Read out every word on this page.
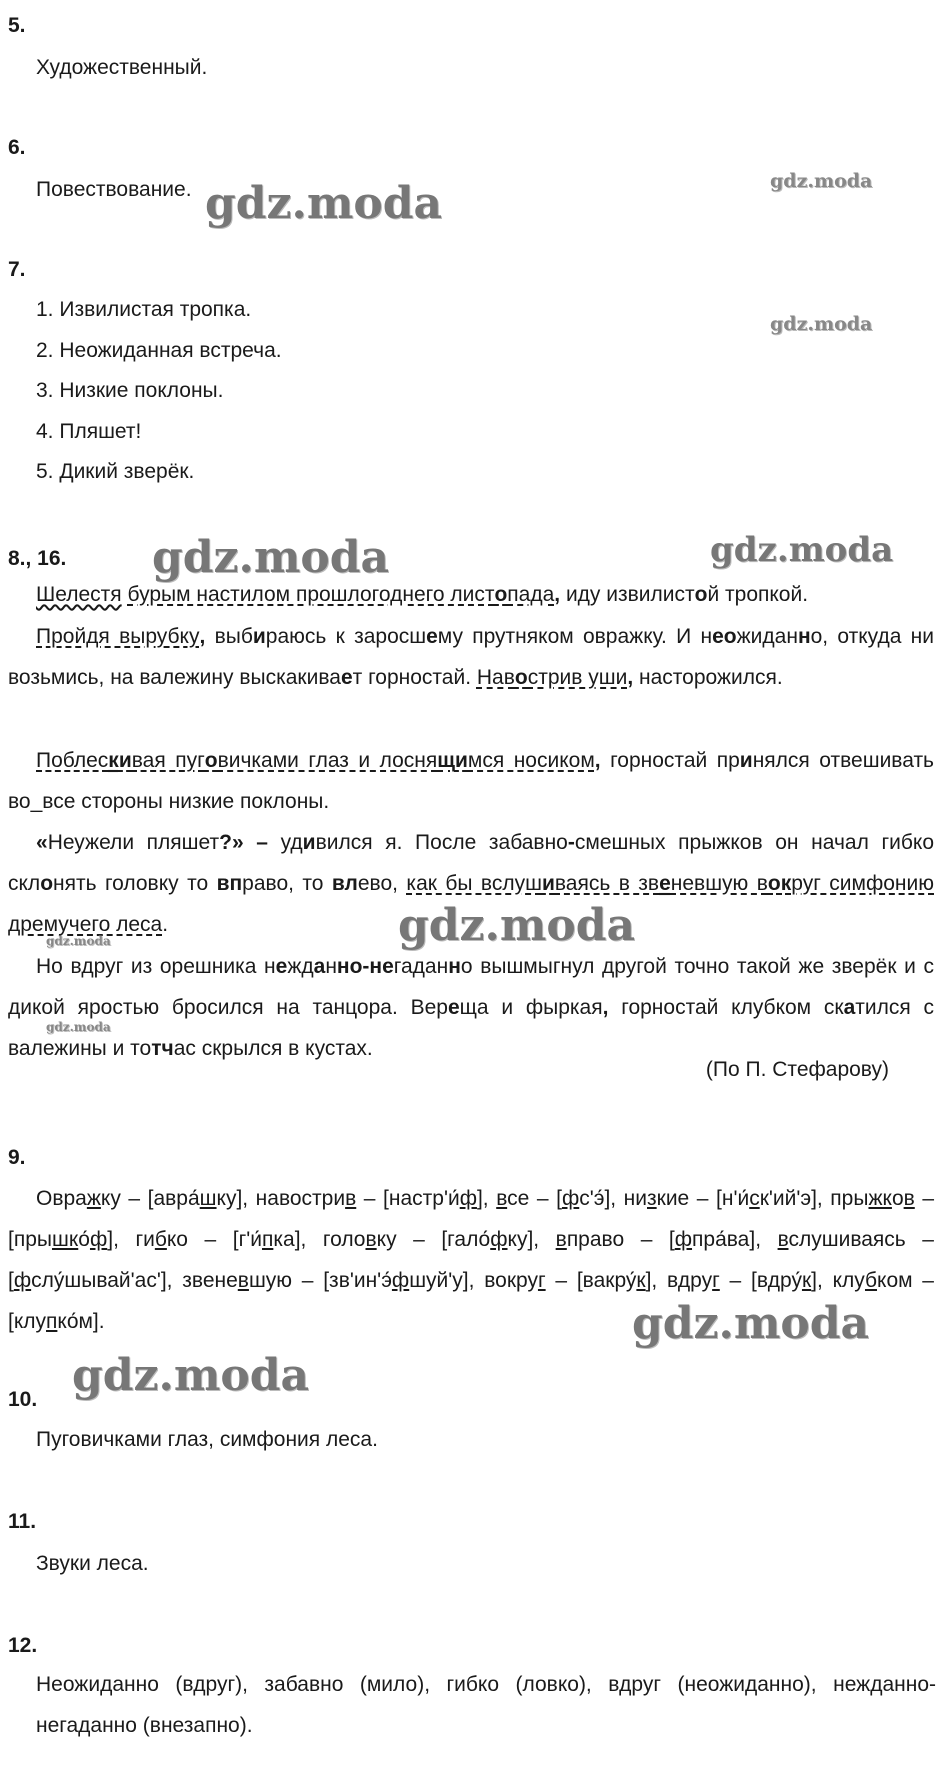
5.
Художественный.
6.
Повествование.
7.
1. Извилистая тропка.
2. Неожиданная встреча.
3. Низкие поклоны.
4. Пляшет!
5. Дикий зверёк.
8., 16.
Шелестя бурым настилом прошлогоднего листопада, иду извилистой тропкой.
Пройдя вырубку, выбираюсь к заросшему прутняком овражку. И неожиданно, откуда ни возьмись, на валежину выскакивает горностай. Навострив уши, насторожился.
Поблескивая пуговичками глаз и лоснящимся носиком, горностай принялся отвешивать во_все стороны низкие поклоны.
«Неужели пляшет?» – удивился я. После забавно-смешных прыжков он начал гибко склонять головку то вправо, то влево, как бы вслушиваясь в звеневшую вокруг симфонию дремучего леса.
Но вдруг из орешника нежданно-негаданно вышмыгнул другой точно такой же зверёк и с дикой яростью бросился на танцора. Вереща и фыркая, горностай клубком скатился с валежины и тотчас скрылся в кустах.
(По П. Стефарову)
9.
Овражку – [авра́шку], навострив – [настр'и́ф], все – [фс'э́], низкие – [н'и́ск'ий'э], прыжков – [прышко́ф], гибко – [г'и́пка], головку – [гало́фку], вправо – [фпра́ва], вслушиваясь – [фслу́шывай'ас'], звеневшую – [зв'ин'э́фшуй'у], вокруг – [вакру́к], вдруг – [вдру́к], клубком – [клупко́м].
10.
Пуговичками глаз, симфония леса.
11.
Звуки леса.
12.
Неожиданно (вдруг), забавно (мило), гибко (ловко), вдруг (неожиданно), нежданно-негаданно (внезапно).
gdz.moda	gdz.moda
gdz.moda
gdz.moda	gdz.moda
gdz.moda
gdz.moda
gdz.moda
gdz.moda
gdz.moda
